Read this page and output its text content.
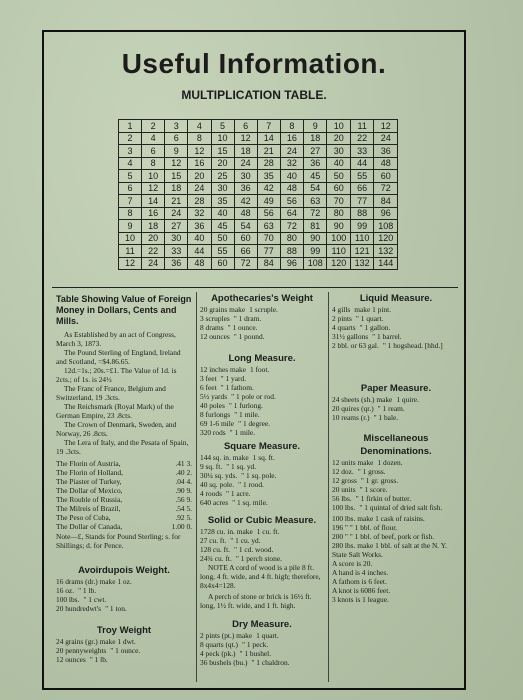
Useful Information.
MULTIPLICATION TABLE.
1	2	3	4	5	6	7	8	9	10	11	12
2	4	6	8	10	12	14	16	18	20	22	24
3	6	9	12	15	18	21	24	27	30	33	36
4	8	12	16	20	24	28	32	36	40	44	48
5	10	15	20	25	30	35	40	45	50	55	60
6	12	18	24	30	36	42	48	54	60	66	72
7	14	21	28	35	42	49	56	63	70	77	84
8	16	24	32	40	48	56	64	72	80	88	96
9	18	27	36	45	54	63	72	81	90	99	108
10	20	30	40	50	60	70	80	90	100	110	120
11	22	33	44	55	66	77	88	99	110	121	132
12	24	36	48	60	72	84	96	108	120	132	144
Table Showing Value of Foreign Money in Dollars, Cents and Mills.

As Established by an act of Congress, March 3, 1873.

The Pound Sterling of England, Ireland and Scotland, =$4.86.65.

12d.=1s.; 20s.=£1. The Value of 1d. is 2cts.; of 1s. is 24½

The Franc of France, Belgium and Switzerland, 19 .3cts.

The Reichsmark (Royal Mark) of the German Empire, 23 .8cts.

The Crown of Denmark, Sweden, and Norway, 26 .8cts.

The Lera of Italy, and the Pesata of Spain, 19 .3cts.

The Florin of Austria,	.41 3.
The Florin of Holland,	.40 2.
The Piaster of Turkey,	.04 4.
The Dollar of Mexico,	.90 9.
The Rouble of Russia,	.56 9.
The Milreis of Brazil,	.54 5.
The Peso of Cuba,	.92 5.
The Dollar of Canada,	1.00 0.

Note—£, Stands for Pound Sterling; s. for Shillings; d. for Pence.

Avoirdupois Weight.
16 drams (dr.) make 1 oz.
16 oz. " 1 lb.
100 lbs. " 1 cwt.
20 hundredwt's " 1 ton.
Troy Weight
24 grains (gr.) make 1 dwt.
20 pennyweights " 1 ounce.
12 ounces " 1 lb.
Apothecaries's Weight
20 grains make 1 scruple.
3 scruples " 1 dram.
8 drams " 1 ounce.
12 ounces " 1 pound.
Long Measure.
12 inches make 1 foot.
3 feet " 1 yard.
6 feet " 1 fathom.
5½ yards " 1 pole or rod.
40 poles " 1 furlong.
8 furlongs " 1 mile.
69 1-6 mile " 1 degree.
320 rods " 1 mile.
Square Measure.
144 sq. in. make 1 sq. ft.
9 sq. ft. " 1 sq. yd.
30¼ sq. yds. " 1 sq. pole.
40 sq. pole. " 1 rood.
4 roods " 1 acre.
640 acres " 1 sq. mile.
Solid or Cubic Measure.
1728 cu. in. make 1 cu. ft.
27 cu. ft. " 1 cu. yd.
128 cu. ft. " 1 cd. wood.
24¾ cu. ft. " 1 perch stone.

NOTE A cord of wood is a pile 8 ft. long, 4 ft. wide, and 4 ft. high; therefore, 8x4x4=128.

A perch of stone or brick is 16½ ft. long, 1½ ft. wide, and 1 ft. high.

Dry Measure.
2 pints (pt.) make 1 quart.
8 quarts (qt.) " 1 peck.
4 peck (pk.) " 1 bushel.
36 bushels (bu.) " 1 chaldron.
Liquid Measure.
4 gills make 1 pint.
2 pints " 1 quart.
4 quarts " 1 gallon.
31½ gallons " 1 barrel.
2 bbl. or 63 gal. " 1 hogshead. [hhd.]
Paper Measure.
24 sheets (sh.) make 1 quire.
20 quires (qr.) " 1 ream.
10 reams (r.) " 1 bale.
Miscellaneous Denominations.
12 units make 1 dozen.
12 doz. " 1 gross.
12 gross " 1 gr. gross.
20 units " 1 score.
56 lbs. " 1 firkin of butter.
100 lbs. " 1 quintal of dried salt fish.

100 lbs. make 1 cask of raisins.

196 " " 1 bbl. of flour.

200 " " 1 bbl. of beef, pork or fish.

280 lbs. make 1 bbl. of salt at the N. Y. State Salt Works.

A score is 20.

A hand is 4 inches.

A fathom is 6 feet.

A knot is 6086 feet.

3 knots is 1 league.
